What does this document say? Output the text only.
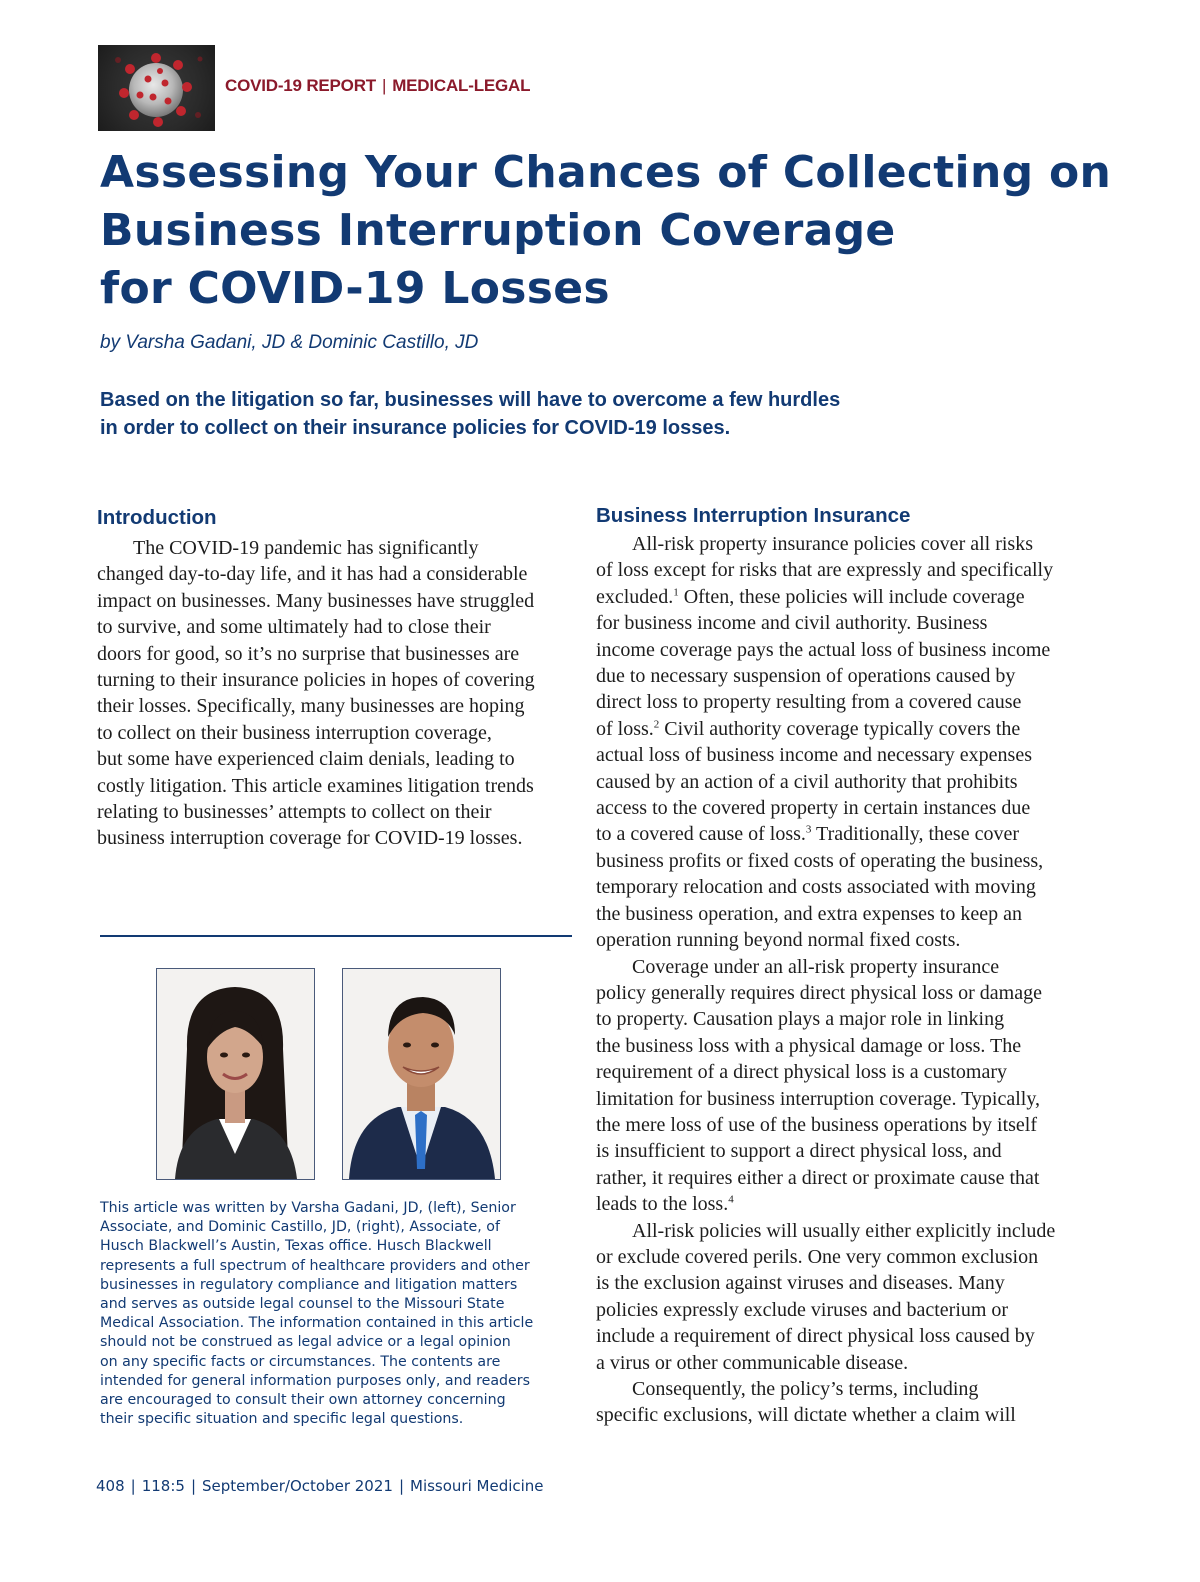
COVID-19 REPORT | MEDICAL-LEGAL
Assessing Your Chances of Collecting on
Business Interruption Coverage
for COVID-19 Losses
by Varsha Gadani, JD & Dominic Castillo, JD
Based on the litigation so far, businesses will have to overcome a few hurdles
in order to collect on their insurance policies for COVID-19 losses.
Introduction
The COVID-19 pandemic has significantly
changed day-to-day life, and it has had a considerable
impact on businesses. Many businesses have struggled
to survive, and some ultimately had to close their
doors for good, so it’s no surprise that businesses are
turning to their insurance policies in hopes of covering
their losses. Specifically, many businesses are hoping
to collect on their business interruption coverage,
but some have experienced claim denials, leading to
costly litigation. This article examines litigation trends
relating to businesses’ attempts to collect on their
business interruption coverage for COVID-19 losses.
This article was written by Varsha Gadani, JD, (left), Senior
Associate, and Dominic Castillo, JD, (right), Associate, of
Husch Blackwell’s Austin, Texas office. Husch Blackwell
represents a full spectrum of healthcare providers and other
businesses in regulatory compliance and litigation matters
and serves as outside legal counsel to the Missouri State
Medical Association. The information contained in this article
should not be construed as legal advice or a legal opinion
on any specific facts or circumstances. The contents are
intended for general information purposes only, and readers
are encouraged to consult their own attorney concerning
their specific situation and specific legal questions.
Business Interruption Insurance
All-risk property insurance policies cover all risks
of loss except for risks that are expressly and specifically
excluded.$^1$ Often, these policies will include coverage
for business income and civil authority. Business
income coverage pays the actual loss of business income
due to necessary suspension of operations caused by
direct loss to property resulting from a covered cause
of loss.$^2$ Civil authority coverage typically covers the
actual loss of business income and necessary expenses
caused by an action of a civil authority that prohibits
access to the covered property in certain instances due
to a covered cause of loss.$^3$ Traditionally, these cover
business profits or fixed costs of operating the business,
temporary relocation and costs associated with moving
the business operation, and extra expenses to keep an
operation running beyond normal fixed costs.
Coverage under an all-risk property insurance
policy generally requires direct physical loss or damage
to property. Causation plays a major role in linking
the business loss with a physical damage or loss. The
requirement of a direct physical loss is a customary
limitation for business interruption coverage. Typically,
the mere loss of use of the business operations by itself
is insufficient to support a direct physical loss, and
rather, it requires either a direct or proximate cause that
leads to the loss.$^4$
All-risk policies will usually either explicitly include
or exclude covered perils. One very common exclusion
is the exclusion against viruses and diseases. Many
policies expressly exclude viruses and bacterium or
include a requirement of direct physical loss caused by
a virus or other communicable disease.
Consequently, the policy’s terms, including
specific exclusions, will dictate whether a claim will
408 | 118:5 | September/October 2021 | Missouri Medicine
